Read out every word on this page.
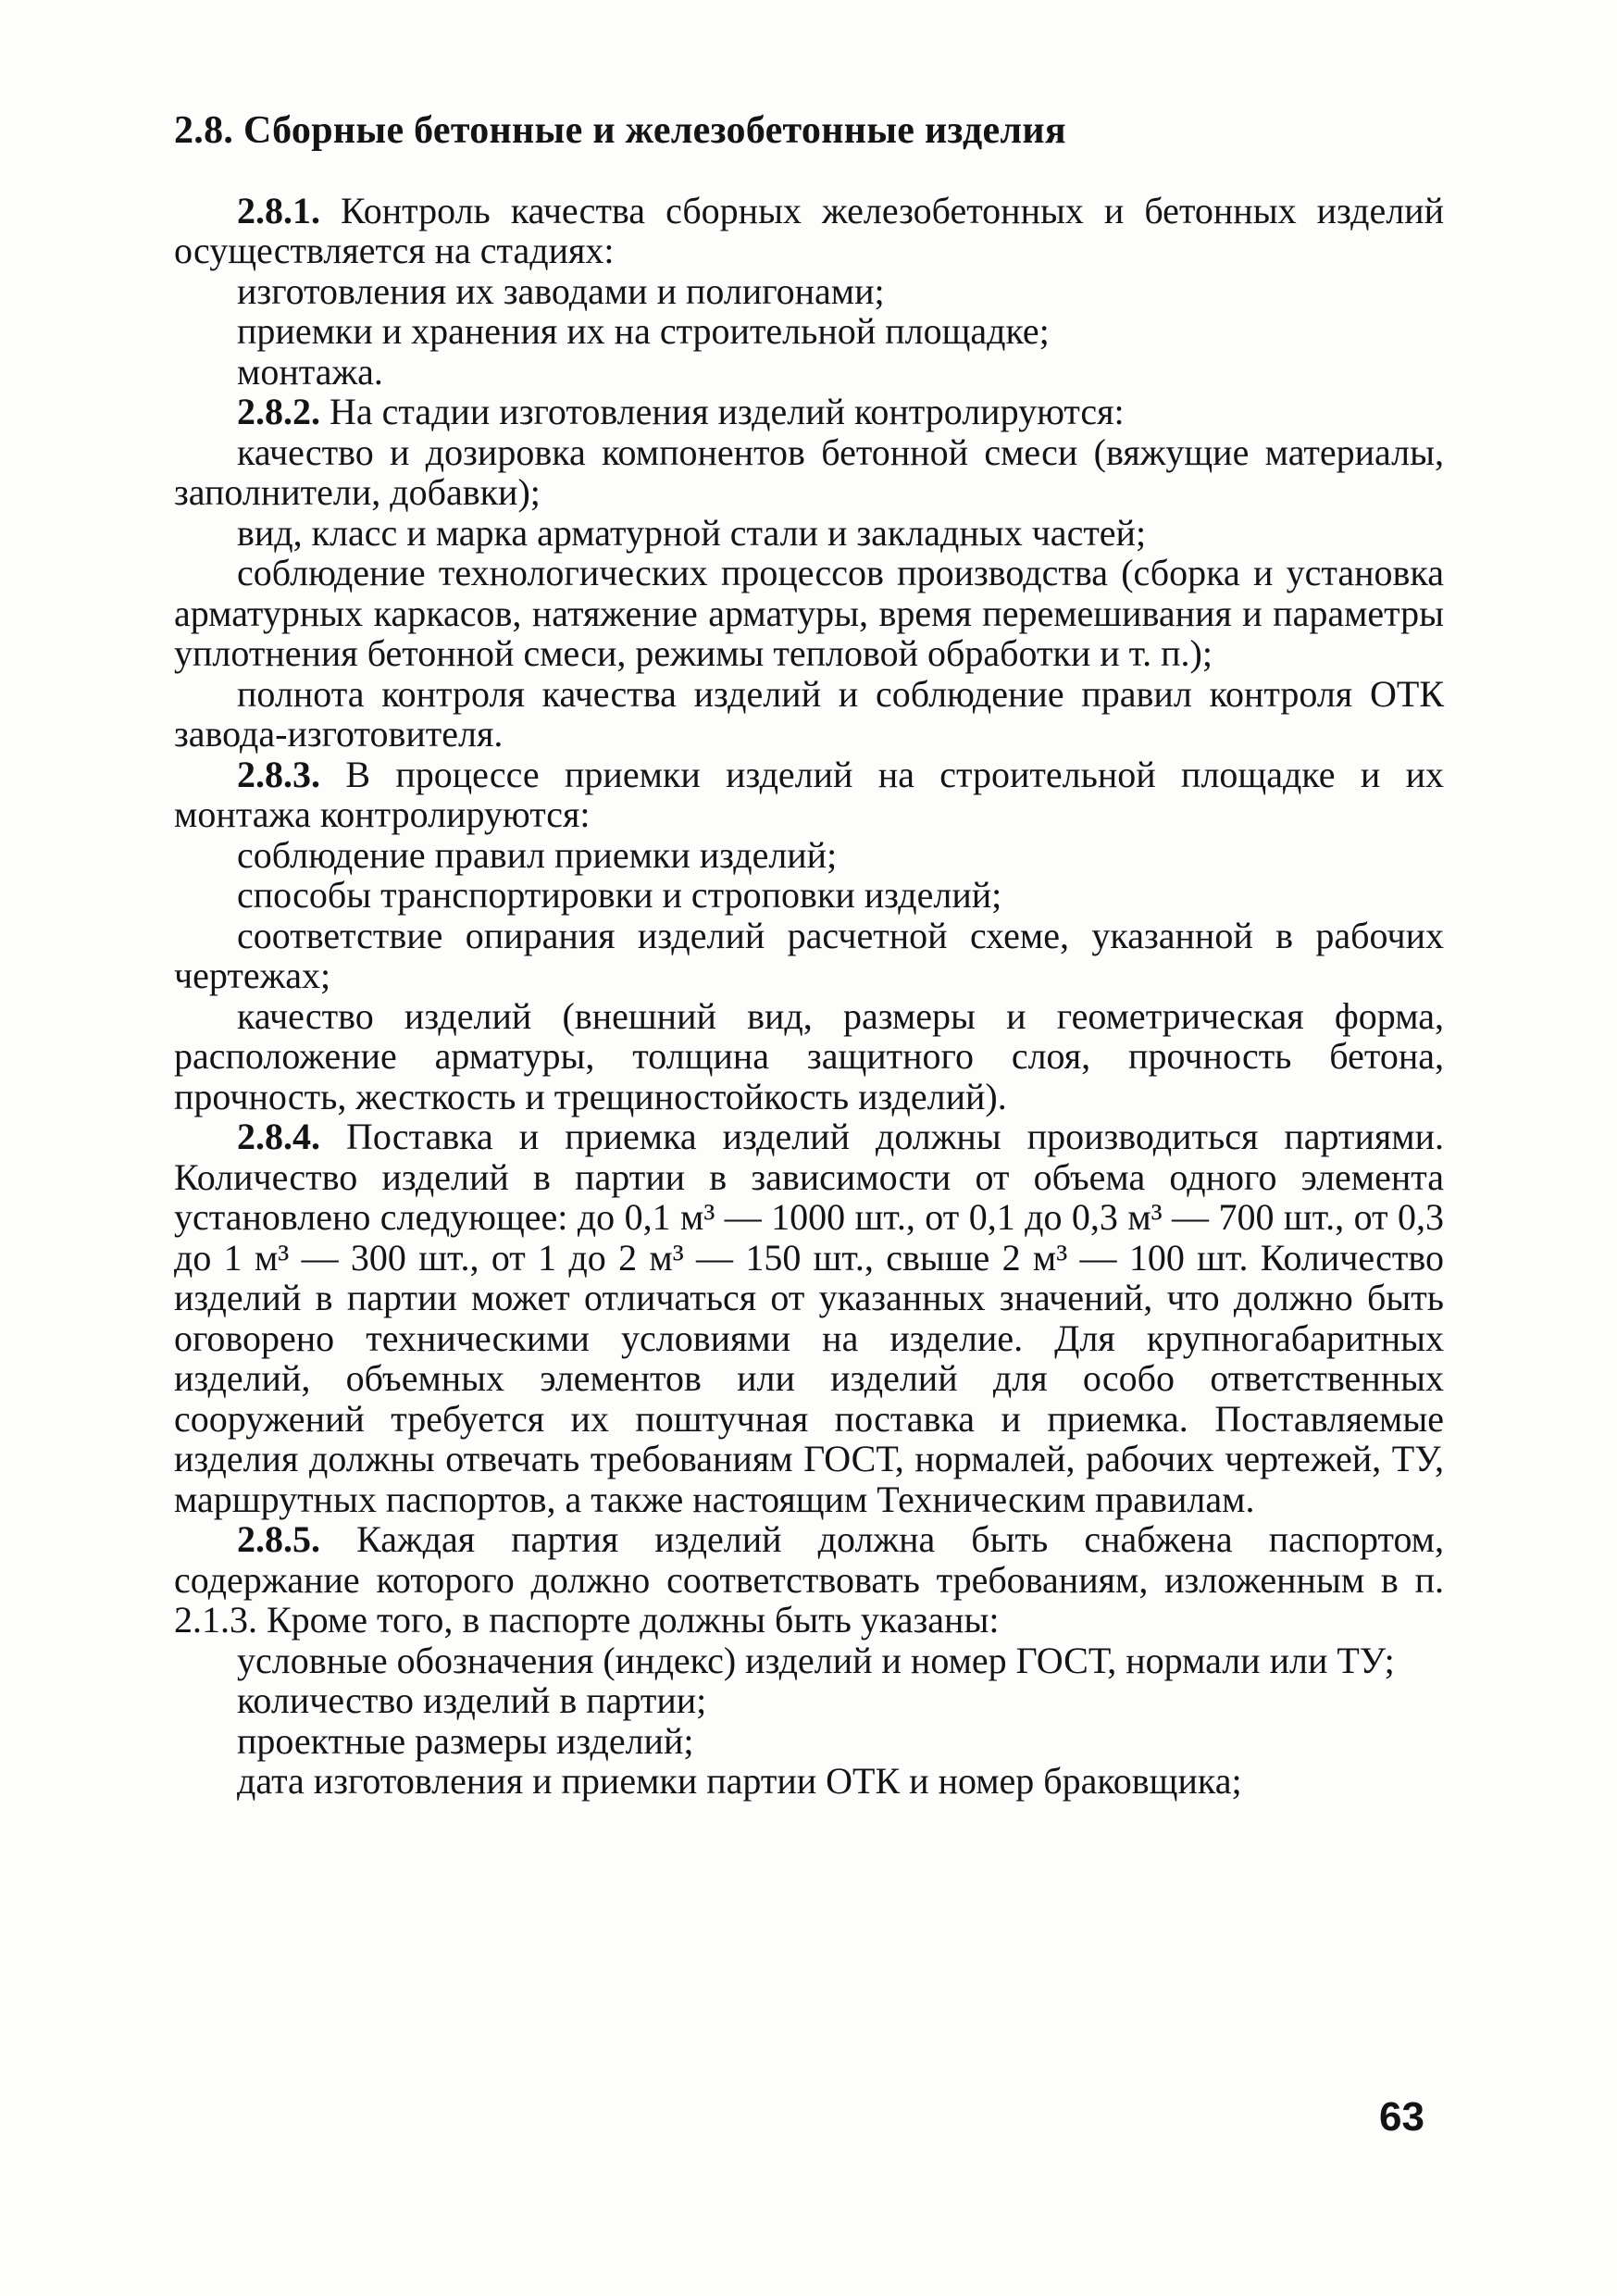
2.8. Сборные бетонные и железобетонные изделия

2.8.1. Контроль качества сборных железобетонных и бетонных изделий осуществляется на стадиях:

изготовления их заводами и полигонами;

приемки и хранения их на строительной площадке;

монтажа.

2.8.2. На стадии изготовления изделий контролируются:

качество и дозировка компонентов бетонной смеси (вяжущие материалы, заполнители, добавки);

вид, класс и марка арматурной стали и закладных частей;

соблюдение технологических процессов производства (сборка и установка арматурных каркасов, натяжение арматуры, время перемешивания и параметры уплотнения бетонной смеси, режимы тепловой обработки и т. п.);

полнота контроля качества изделий и соблюдение правил контроля ОТК завода-изготовителя.

2.8.3. В процессе приемки изделий на строительной площадке и их монтажа контролируются:

соблюдение правил приемки изделий;

способы транспортировки и строповки изделий;

соответствие опирания изделий расчетной схеме, указанной в рабочих чертежах;

качество изделий (внешний вид, размеры и геометрическая форма, расположение арматуры, толщина защитного слоя, прочность бетона, прочность, жесткость и трещиностойкость изделий).

2.8.4. Поставка и приемка изделий должны производиться партиями. Количество изделий в партии в зависимости от объема одного элемента установлено следующее: до 0,1 м³ — 1000 шт., от 0,1 до 0,3 м³ — 700 шт., от 0,3 до 1 м³ — 300 шт., от 1 до 2 м³ — 150 шт., свыше 2 м³ — 100 шт. Количество изделий в партии может отличаться от указанных значений, что должно быть оговорено техническими условиями на изделие. Для крупногабаритных изделий, объемных элементов или изделий для особо ответственных сооружений требуется их поштучная поставка и приемка. Поставляемые изделия должны отвечать требованиям ГОСТ, нормалей, рабочих чертежей, ТУ, маршрутных паспортов, а также настоящим Техническим правилам.

2.8.5. Каждая партия изделий должна быть снабжена паспортом, содержание которого должно соответствовать требованиям, изложенным в п. 2.1.3. Кроме того, в паспорте должны быть указаны:

условные обозначения (индекс) изделий и номер ГОСТ, нормали или ТУ;

количество изделий в партии;

проектные размеры изделий;

дата изготовления и приемки партии ОТК и номер браковщика;

63
